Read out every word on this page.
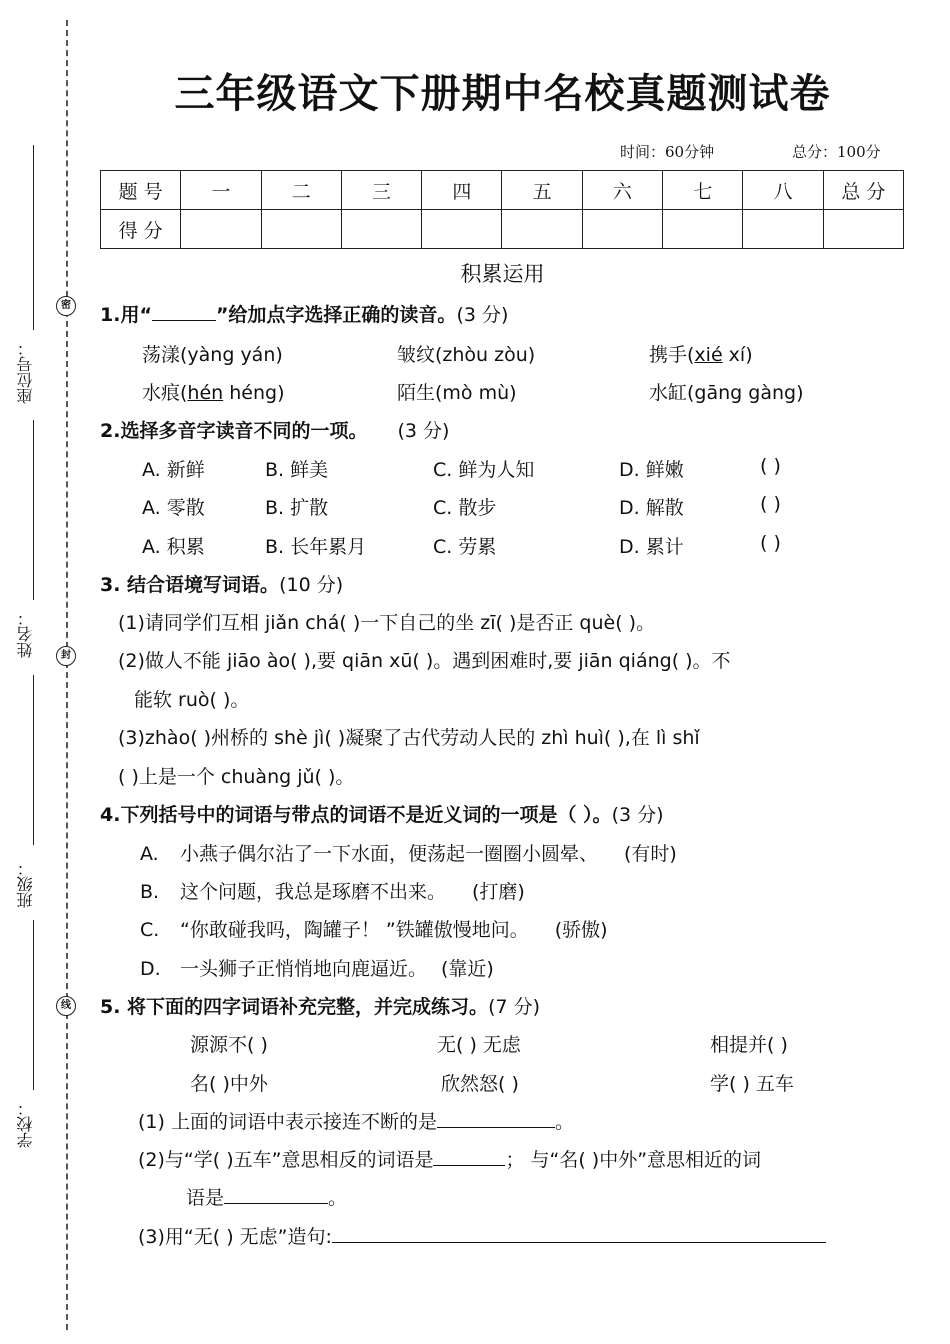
密
封
线
座位号：
姓名：
班级：
学校：
三年级语文下册期中名校真题测试卷
时间：60分钟	总分：100分
题 号	一	二	三	四	五	六	七	八	总 分
得 分									
积累运用
1.用“	”给加点字选择正确的读音。(3 分)
荡漾(yàng yán)	皱纹(zhòu zòu)	携手(xié xí)
水痕(hén héng)	陌生(mò mù)	水缸(gāng gàng)
2.选择多音字读音不同的一项。 (3 分)
A. 新鲜	B. 鲜美	C. 鲜为人知	D. 鲜嫩	( )
A. 零散	B. 扩散	C. 散步	D. 解散	( )
A. 积累	B. 长年累月	C. 劳累	D. 累计	( )
3. 结合语境写词语。(10 分)
(1)请同学们互相 jiǎn chá( )一下自己的坐 zī( )是否正 què( )。
(2)做人不能 jiāo ào( ),要 qiān xū( )。遇到困难时,要 jiān qiáng( )。不
能软 ruò( )。
(3)zhào( )州桥的 shè jì( )凝聚了古代劳动人民的 zhì huì( ),在 lì shǐ
( )上是一个 chuàng jǔ( )。
4.下列括号中的词语与带点的词语不是近义词的一项是（ ）。(3 分)
A. 小燕子偶尔沾了一下水面，便荡起一圈圈小圆晕、 (有时)
B. 这个问题，我总是琢磨不出来。 (打磨)
C. “你敢碰我吗，陶罐子！ ”铁罐傲慢地问。 (骄傲)
D. 一头狮子正悄悄地向鹿逼近。 (靠近)
5. 将下面的四字词语补充完整，并完成练习。(7 分)
源源不( )	无( ) 无虑	相提并( )
名( )中外	欣然怒( )	学( ) 五车
(1) 上面的词语中表示接连不断的是	。
(2)与“学( )五车”意思相反的词语是	； 与“名( )中外”意思相近的词
语是	。
(3)用“无( ) 无虑”造句:
